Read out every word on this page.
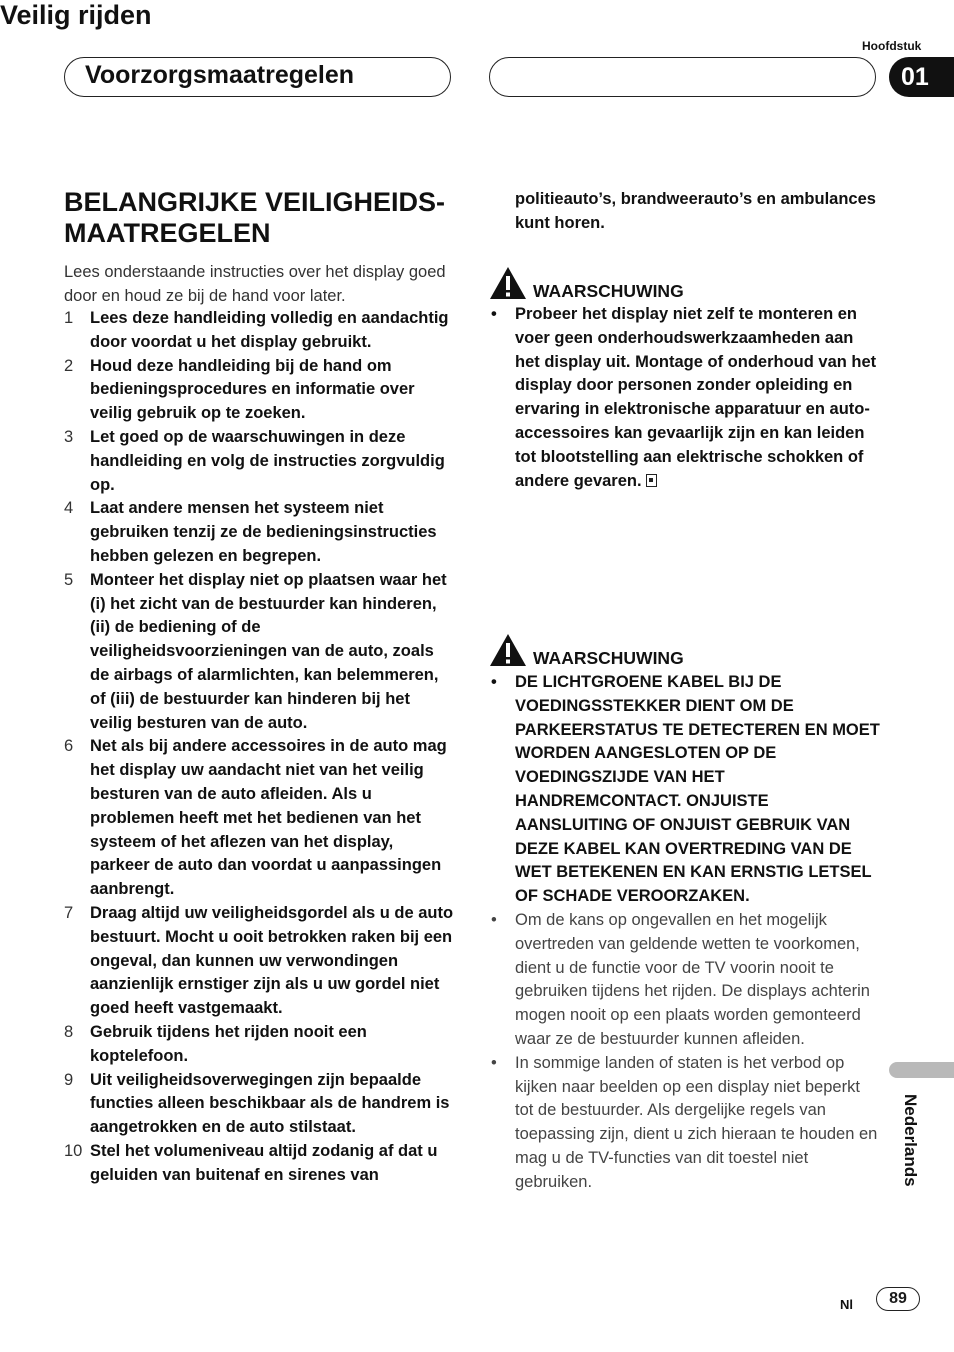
Voorzorgsmaatregelen
Hoofdstuk
01
BELANGRIJKE VEILIGHEIDS-MAATREGELEN
Lees onderstaande instructies over het display goed door en houd ze bij de hand voor later.
1	Lees deze handleiding volledig en aandachtig door voordat u het display gebruikt.
2	Houd deze handleiding bij de hand om bedieningsprocedures en informatie over veilig gebruik op te zoeken.
3	Let goed op de waarschuwingen in deze handleiding en volg de instructies zorgvuldig op.
4	Laat andere mensen het systeem niet gebruiken tenzij ze de bedieningsinstructies hebben gelezen en begrepen.
5	Monteer het display niet op plaatsen waar het (i) het zicht van de bestuurder kan hinderen, (ii) de bediening of de veiligheidsvoorzieningen van de auto, zoals de airbags of alarmlichten, kan belemmeren, of (iii) de bestuurder kan hinderen bij het veilig besturen van de auto.
6	Net als bij andere accessoires in de auto mag het display uw aandacht niet van het veilig besturen van de auto afleiden. Als u problemen heeft met het bedienen van het systeem of het aflezen van het display, parkeer de auto dan voordat u aanpassingen aanbrengt.
7	Draag altijd uw veiligheidsgordel als u de auto bestuurt. Mocht u ooit betrokken raken bij een ongeval, dan kunnen uw verwondingen aanzienlijk ernstiger zijn als u uw gordel niet goed heeft vastgemaakt.
8	Gebruik tijdens het rijden nooit een koptelefoon.
9	Uit veiligheidsoverwegingen zijn bepaalde functies alleen beschikbaar als de handrem is aangetrokken en de auto stilstaat.
10 Stel het volumeniveau altijd zodanig af dat u geluiden van buitenaf en sirenes van
politieauto’s, brandweerauto’s en ambulances kunt horen.
WAARSCHUWING
• Probeer het display niet zelf te monteren en voer geen onderhoudswerkzaamheden aan het display uit. Montage of onderhoud van het display door personen zonder opleiding en ervaring in elektronische apparatuur en auto-accessoires kan gevaarlijk zijn en kan leiden tot blootstelling aan elektrische schokken of andere gevaren.
Veilig rijden
WAARSCHUWING
• DE LICHTGROENE KABEL BIJ DE VOEDINGSSTEKKER DIENT OM DE PARKEERSTATUS TE DETECTEREN EN MOET WORDEN AANGESLOTEN OP DE VOEDINGSZIJDE VAN HET HANDREMCONTACT. ONJUISTE AANSLUITING OF ONJUIST GEBRUIK VAN DEZE KABEL KAN OVERTREDING VAN DE WET BETEKENEN EN KAN ERNSTIG LETSEL OF SCHADE VEROORZAKEN.
• Om de kans op ongevallen en het mogelijk overtreden van geldende wetten te voorkomen, dient u de functie voor de TV voorin nooit te gebruiken tijdens het rijden. De displays achterin mogen nooit op een plaats worden gemonteerd waar ze de bestuurder kunnen afleiden.
• In sommige landen of staten is het verbod op kijken naar beelden op een display niet beperkt tot de bestuurder. Als dergelijke regels van toepassing zijn, dient u zich hieraan te houden en mag u de TV-functies van dit toestel niet gebruiken.	Nederlands
Nl	89
